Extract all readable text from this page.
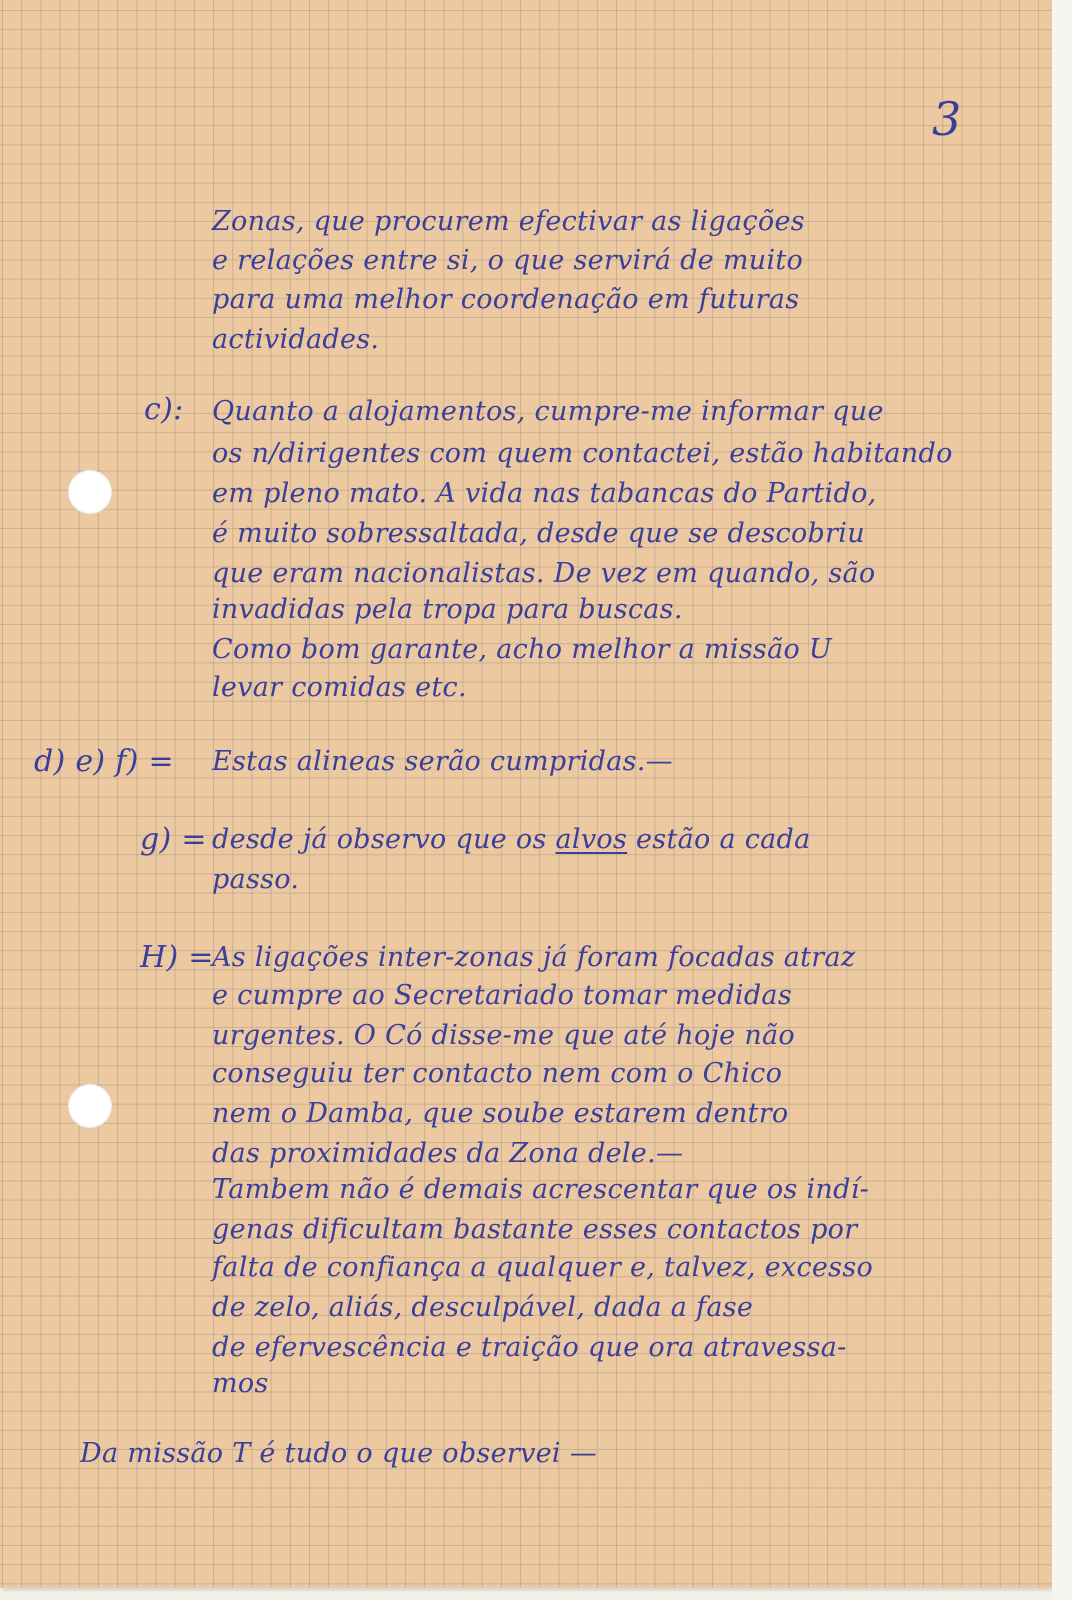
3

Zonas, que procurem efectivar as ligações

e relações entre si, o que servirá de muito

para uma melhor coordenação em futuras

actividades.

c): Quanto a alojamentos, cumpre-me informar que

os n/dirigentes com quem contactei, estão habitando

em pleno mato. A vida nas tabancas do Partido,

é muito sobressaltada, desde que se descobriu

que eram nacionalistas. De vez em quando, são

invadidas pela tropa para buscas.

Como bom garante, acho melhor a missão U

levar comidas etc.

d) e) f) = Estas alineas serão cumpridas.—

g) = desde já observo que os alvos estão a cada

passo.

H) =

As ligações inter-zonas já foram focadas atraz

e cumpre ao Secretariado tomar medidas

urgentes. O Có disse-me que até hoje não

conseguiu ter contacto nem com o Chico

nem o Damba, que soube estarem dentro

das proximidades da Zona dele.—

Tambem não é demais acrescentar que os indí-

genas dificultam bastante esses contactos por

falta de confiança a qualquer e, talvez, excesso

de zelo, aliás, desculpável, dada a fase

de efervescência e traição que ora atravessa-

mos

Da missão T é tudo o que observei —
